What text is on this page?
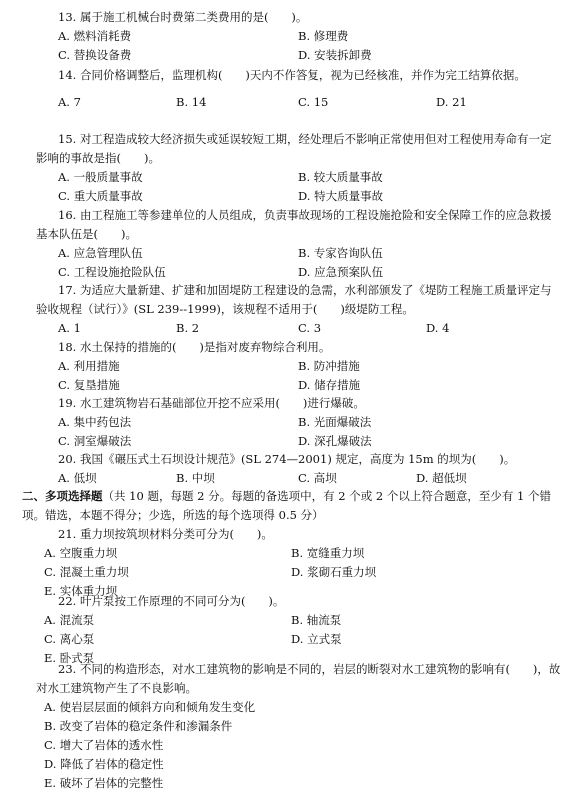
13. 属于施工机械台时费第二类费用的是(　　)。
A. 燃料消耗费	B. 修理费
C. 替换设备费	D. 安装拆卸费
14. 合同价格调整后，监理机构(　　)天内不作答复，视为已经核准，并作为完工结算依据。
A. 7	B. 14	C. 15	D. 21
15. 对工程造成较大经济损失或延误较短工期，经处理后不影响正常使用但对工程使用寿命有一定影响的事故是指(　　)。
A. 一般质量事故	B. 较大质量事故
C. 重大质量事故	D. 特大质量事故
16. 由工程施工等参建单位的人员组成，负责事故现场的工程设施抢险和安全保障工作的应急救援基本队伍是(　　)。
A. 应急管理队伍	B. 专家咨询队伍
C. 工程设施抢险队伍	D. 应急预案队伍
17. 为适应大量新建、扩建和加固堤防工程建设的急需，水利部颁发了《堤防工程施工质量评定与验收规程（试行）》(SL 239--1999)，该规程不适用于(　　)级堤防工程。
A. 1	B. 2	C. 3	D. 4
18. 水土保持的措施的(　　)是指对废弃物综合利用。
A. 利用措施	B. 防冲措施
C. 复垦措施	D. 储存措施
19. 水工建筑物岩石基础部位开挖不应采用(　　)进行爆破。
A. 集中药包法	B. 光面爆破法
C. 洞室爆破法	D. 深孔爆破法
20. 我国《碾压式土石坝设计规范》(SL 274—2001) 规定，高度为 15m 的坝为(　　)。
A. 低坝	B. 中坝	C. 高坝	D. 超低坝
二、多项选择题（共 10 题，每题 2 分。每题的备选项中，有 2 个或 2 个以上符合题意，至少有 1 个错项。错选，本题不得分；少选，所选的每个选项得 0.5 分）
21. 重力坝按筑坝材料分类可分为(　　)。
A. 空腹重力坝	B. 宽缝重力坝
C. 混凝土重力坝	D. 浆砌石重力坝
E. 实体重力坝
22. 叶片泵按工作原理的不同可分为(　　)。
A. 混流泵	B. 轴流泵
C. 离心泵	D. 立式泵
E. 卧式泵
23. 不同的构造形态，对水工建筑物的影响是不同的，岩层的断裂对水工建筑物的影响有(　　)，故对水工建筑物产生了不良影响。
A. 使岩层层面的倾斜方向和倾角发生变化
B. 改变了岩体的稳定条件和渗漏条件
C. 增大了岩体的透水性
D. 降低了岩体的稳定性
E. 破坏了岩体的完整性
